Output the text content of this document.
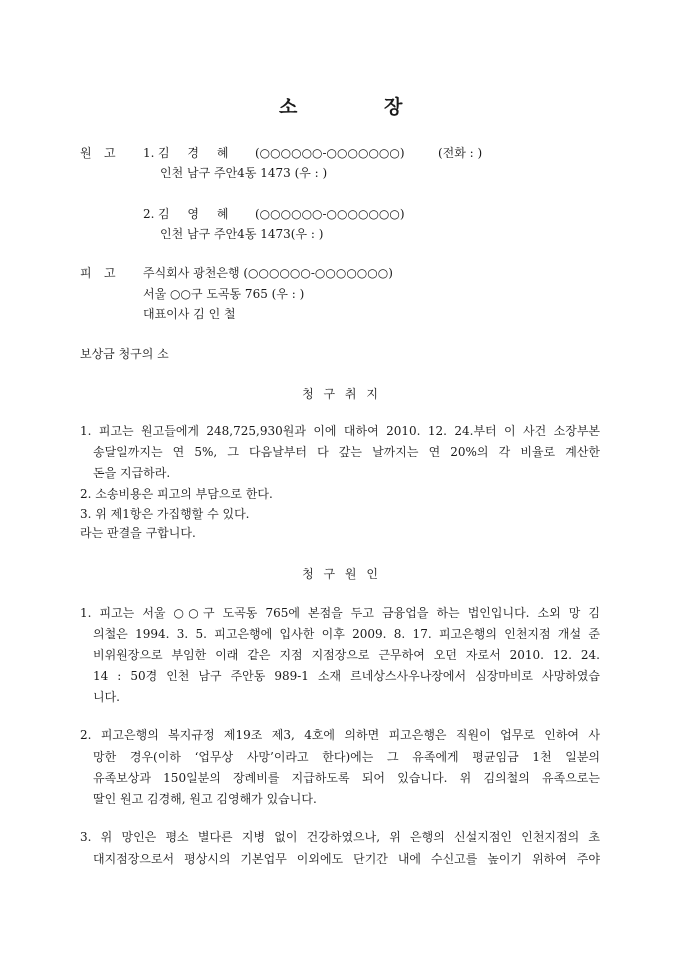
소	장
원 고 1. 김 경 혜 (○○○○○○-○○○○○○○)	(전화 : )
인천 남구 주안4동 1473 (우 : )
2. 김 영 혜 (○○○○○○-○○○○○○○)
인천 남구 주안4동 1473(우 : )
피 고 주식회사 광천은행 (○○○○○○-○○○○○○○)
서울 ○○구 도곡동 765 (우 : )
대표이사 김 인 철
보상금 청구의 소
청 구 취 지
1. 피고는 원고들에게 248,725,930원과 이에 대하여 2010. 12. 24.부터 이 사건 소장부본
송달일까지는 연 5%, 그 다음날부터 다 갚는 날까지는 연 20%의 각 비율로 계산한
돈을 지급하라.
2. 소송비용은 피고의 부담으로 한다.
3. 위 제1항은 가집행할 수 있다.
라는 판결을 구합니다.
청 구 원 인
1. 피고는 서울 ○○구 도곡동 765에 본점을 두고 금융업을 하는 법인입니다. 소외 망 김
의철은 1994. 3. 5. 피고은행에 입사한 이후 2009. 8. 17. 피고은행의 인천지점 개설 준
비위원장으로 부임한 이래 같은 지점 지점장으로 근무하여 오던 자로서 2010. 12. 24.
14 : 50경 인천 남구 주안동 989-1 소재 르네상스사우나장에서 심장마비로 사망하였습
니다.
2. 피고은행의 복지규정 제19조 제3, 4호에 의하면 피고은행은 직원이 업무로 인하여 사
망한 경우(이하 ‘업무상 사망’이라고 한다)에는 그 유족에게 평균임금 1천 일분의
유족보상과 150일분의 장례비를 지급하도록 되어 있습니다. 위 김의철의 유족으로는
딸인 원고 김경해, 원고 김영해가 있습니다.
3. 위 망인은 평소 별다른 지병 없이 건강하였으나, 위 은행의 신설지점인 인천지점의 초
대지점장으로서 평상시의 기본업무 이외에도 단기간 내에 수신고를 높이기 위하여 주야
